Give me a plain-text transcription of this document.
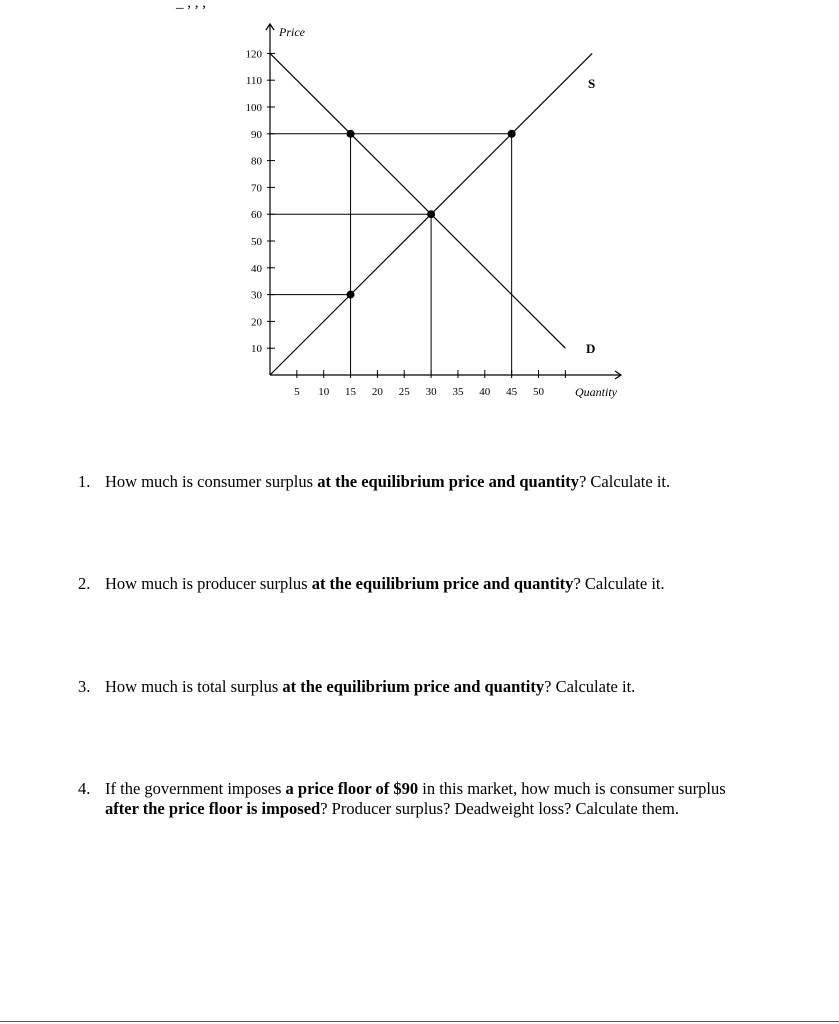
_ , , ,
10
20
30
40
50
60
70
80
90
100
110
120
5 10 15 20 25 30 35 40 45 50
Price
Quantity
S
D
1. How much is consumer surplus at the equilibrium price and quantity? Calculate it.
2. How much is producer surplus at the equilibrium price and quantity? Calculate it.
3. How much is total surplus at the equilibrium price and quantity? Calculate it.
4. If the government imposes a price floor of $90 in this market, how much is consumer surplus after the price floor is imposed? Producer surplus? Deadweight loss? Calculate them.
